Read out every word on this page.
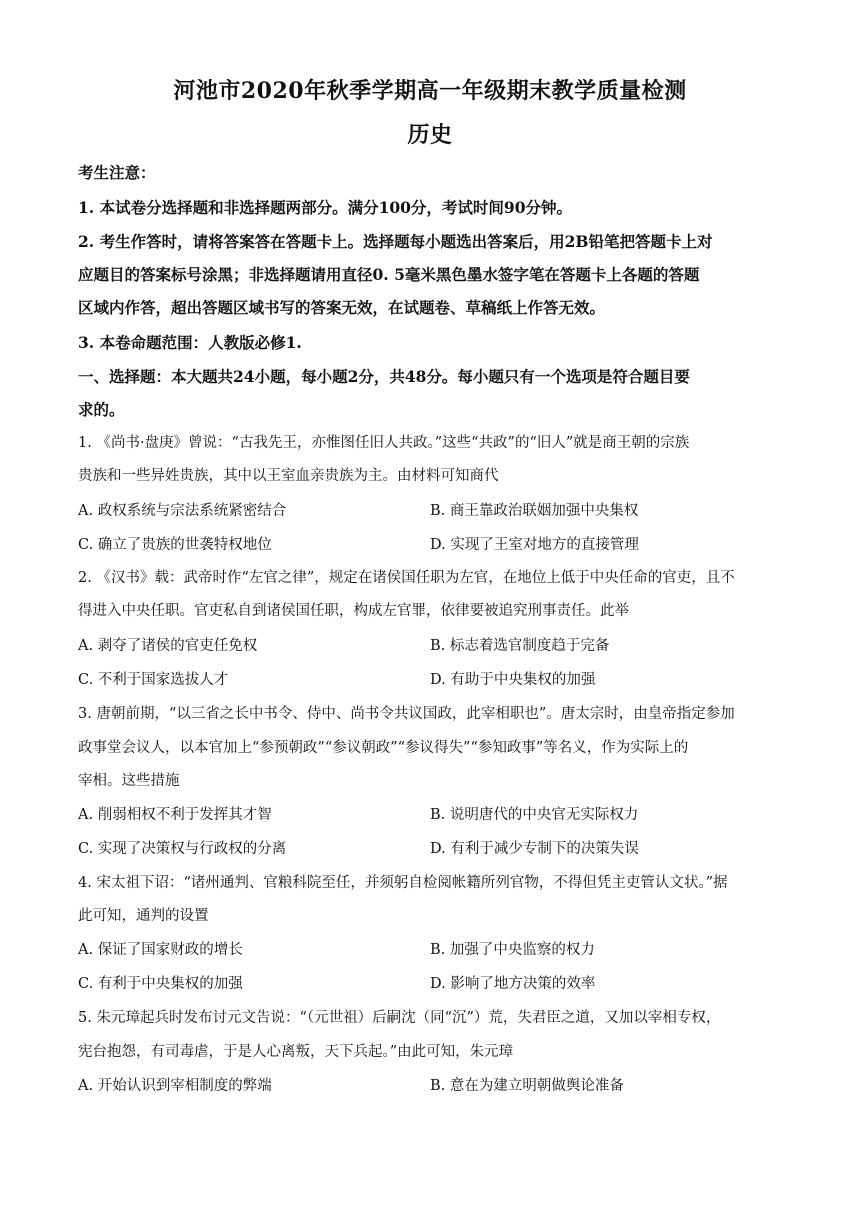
河池市2020年秋季学期高一年级期末教学质量检测
历史
考生注意：
1. 本试卷分选择题和非选择题两部分。满分100分，考试时间90分钟。
2. 考生作答时，请将答案答在答题卡上。选择题每小题选出答案后，用2B铅笔把答题卡上对
应题目的答案标号涂黑；非选择题请用直径0. 5毫米黑色墨水签字笔在答题卡上各题的答题
区域内作答，超出答题区域书写的答案无效，在试题卷、草稿纸上作答无效。
3. 本卷命题范围：人教版必修1.
一、选择题：本大题共24小题，每小题2分，共48分。每小题只有一个选项是符合题目要
求的。
1. 《尚书·盘庚》曾说：“古我先王，亦惟图任旧人共政。”这些“共政”的“旧人”就是商王朝的宗族
贵族和一些异姓贵族，其中以王室血亲贵族为主。由材料可知商代
A. 政权系统与宗法系统紧密结合	B. 商王靠政治联姻加强中央集权
C. 确立了贵族的世袭特权地位	D. 实现了王室对地方的直接管理
2. 《汉书》载：武帝时作“左官之律”，规定在诸侯国任职为左官，在地位上低于中央任命的官吏，且不
得进入中央任职。官吏私自到诸侯国任职，构成左官罪，依律要被追究刑事责任。此举
A. 剥夺了诸侯的官吏任免权	B. 标志着选官制度趋于完备
C. 不利于国家选拔人才	D. 有助于中央集权的加强
3. 唐朝前期，“以三省之长中书令、侍中、尚书令共议国政，此宰相职也”。唐太宗时，由皇帝指定参加
政事堂会议人，以本官加上“参预朝政”“参议朝政”“参议得失”“参知政事”等名义，作为实际上的
宰相。这些措施
A. 削弱相权不利于发挥其才智	B. 说明唐代的中央官无实际权力
C. 实现了决策权与行政权的分离	D. 有利于减少专制下的决策失误
4. 宋太祖下诏：“诸州通判、官粮科院至任，并须躬自检阅帐籍所列官物，不得但凭主吏管认文状。”据
此可知，通判的设置
A. 保证了国家财政的增长	B. 加强了中央监察的权力
C. 有利于中央集权的加强	D. 影响了地方决策的效率
5. 朱元璋起兵时发布讨元文告说：“（元世祖）后嗣沈（同“沉”）荒，失君臣之道，又加以宰相专权，
宪台抱怨，有司毒虐，于是人心离叛，天下兵起。”由此可知，朱元璋
A. 开始认识到宰相制度的弊端	B. 意在为建立明朝做舆论准备
